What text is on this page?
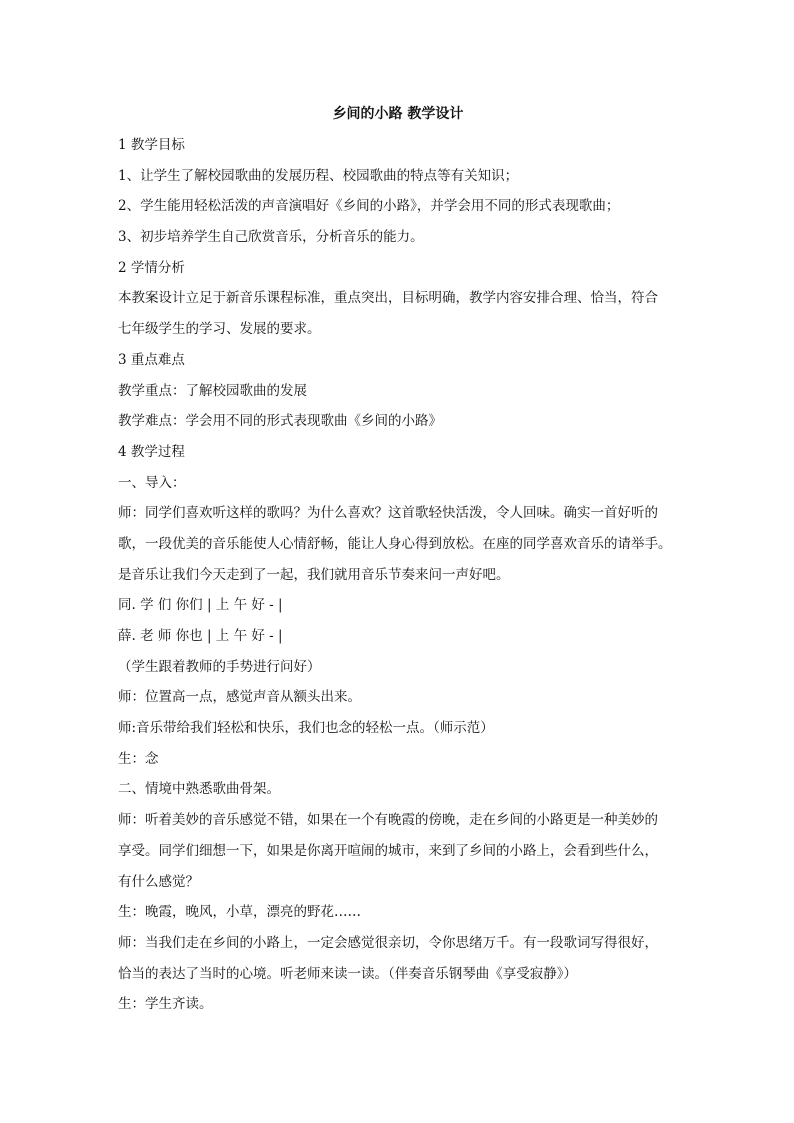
乡间的小路 教学设计

1 教学目标

1、让学生了解校园歌曲的发展历程、校园歌曲的特点等有关知识；

2、学生能用轻松活泼的声音演唱好《乡间的小路》，并学会用不同的形式表现歌曲；

3、初步培养学生自己欣赏音乐，分析音乐的能力。

2 学情分析

本教案设计立足于新音乐课程标准，重点突出，目标明确，教学内容安排合理、恰当，符合

七年级学生的学习、发展的要求。

3 重点难点

教学重点：了解校园歌曲的发展

教学难点：学会用不同的形式表现歌曲《乡间的小路》

4 教学过程

一、导入：

师：同学们喜欢听这样的歌吗？为什么喜欢？这首歌轻快活泼，令人回味。确实一首好听的

歌，一段优美的音乐能使人心情舒畅，能让人身心得到放松。在座的同学喜欢音乐的请举手。

是音乐让我们今天走到了一起，我们就用音乐节奏来问一声好吧。

同. 学 们 你们 | 上 午 好 - |

薛. 老 师 你也 | 上 午 好 - |

（学生跟着教师的手势进行问好）

师：位置高一点，感觉声音从额头出来。

师:音乐带给我们轻松和快乐，我们也念的轻松一点。（师示范）

生：念

二、情境中熟悉歌曲骨架。

师：听着美妙的音乐感觉不错，如果在一个有晚霞的傍晚，走在乡间的小路更是一种美妙的

享受。同学们细想一下，如果是你离开喧闹的城市，来到了乡间的小路上，会看到些什么，

有什么感觉？

生：晚霞，晚风，小草，漂亮的野花……

师：当我们走在乡间的小路上，一定会感觉很亲切，令你思绪万千。有一段歌词写得很好，

恰当的表达了当时的心境。听老师来读一读。（伴奏音乐钢琴曲《享受寂静》）

生：学生齐读。
